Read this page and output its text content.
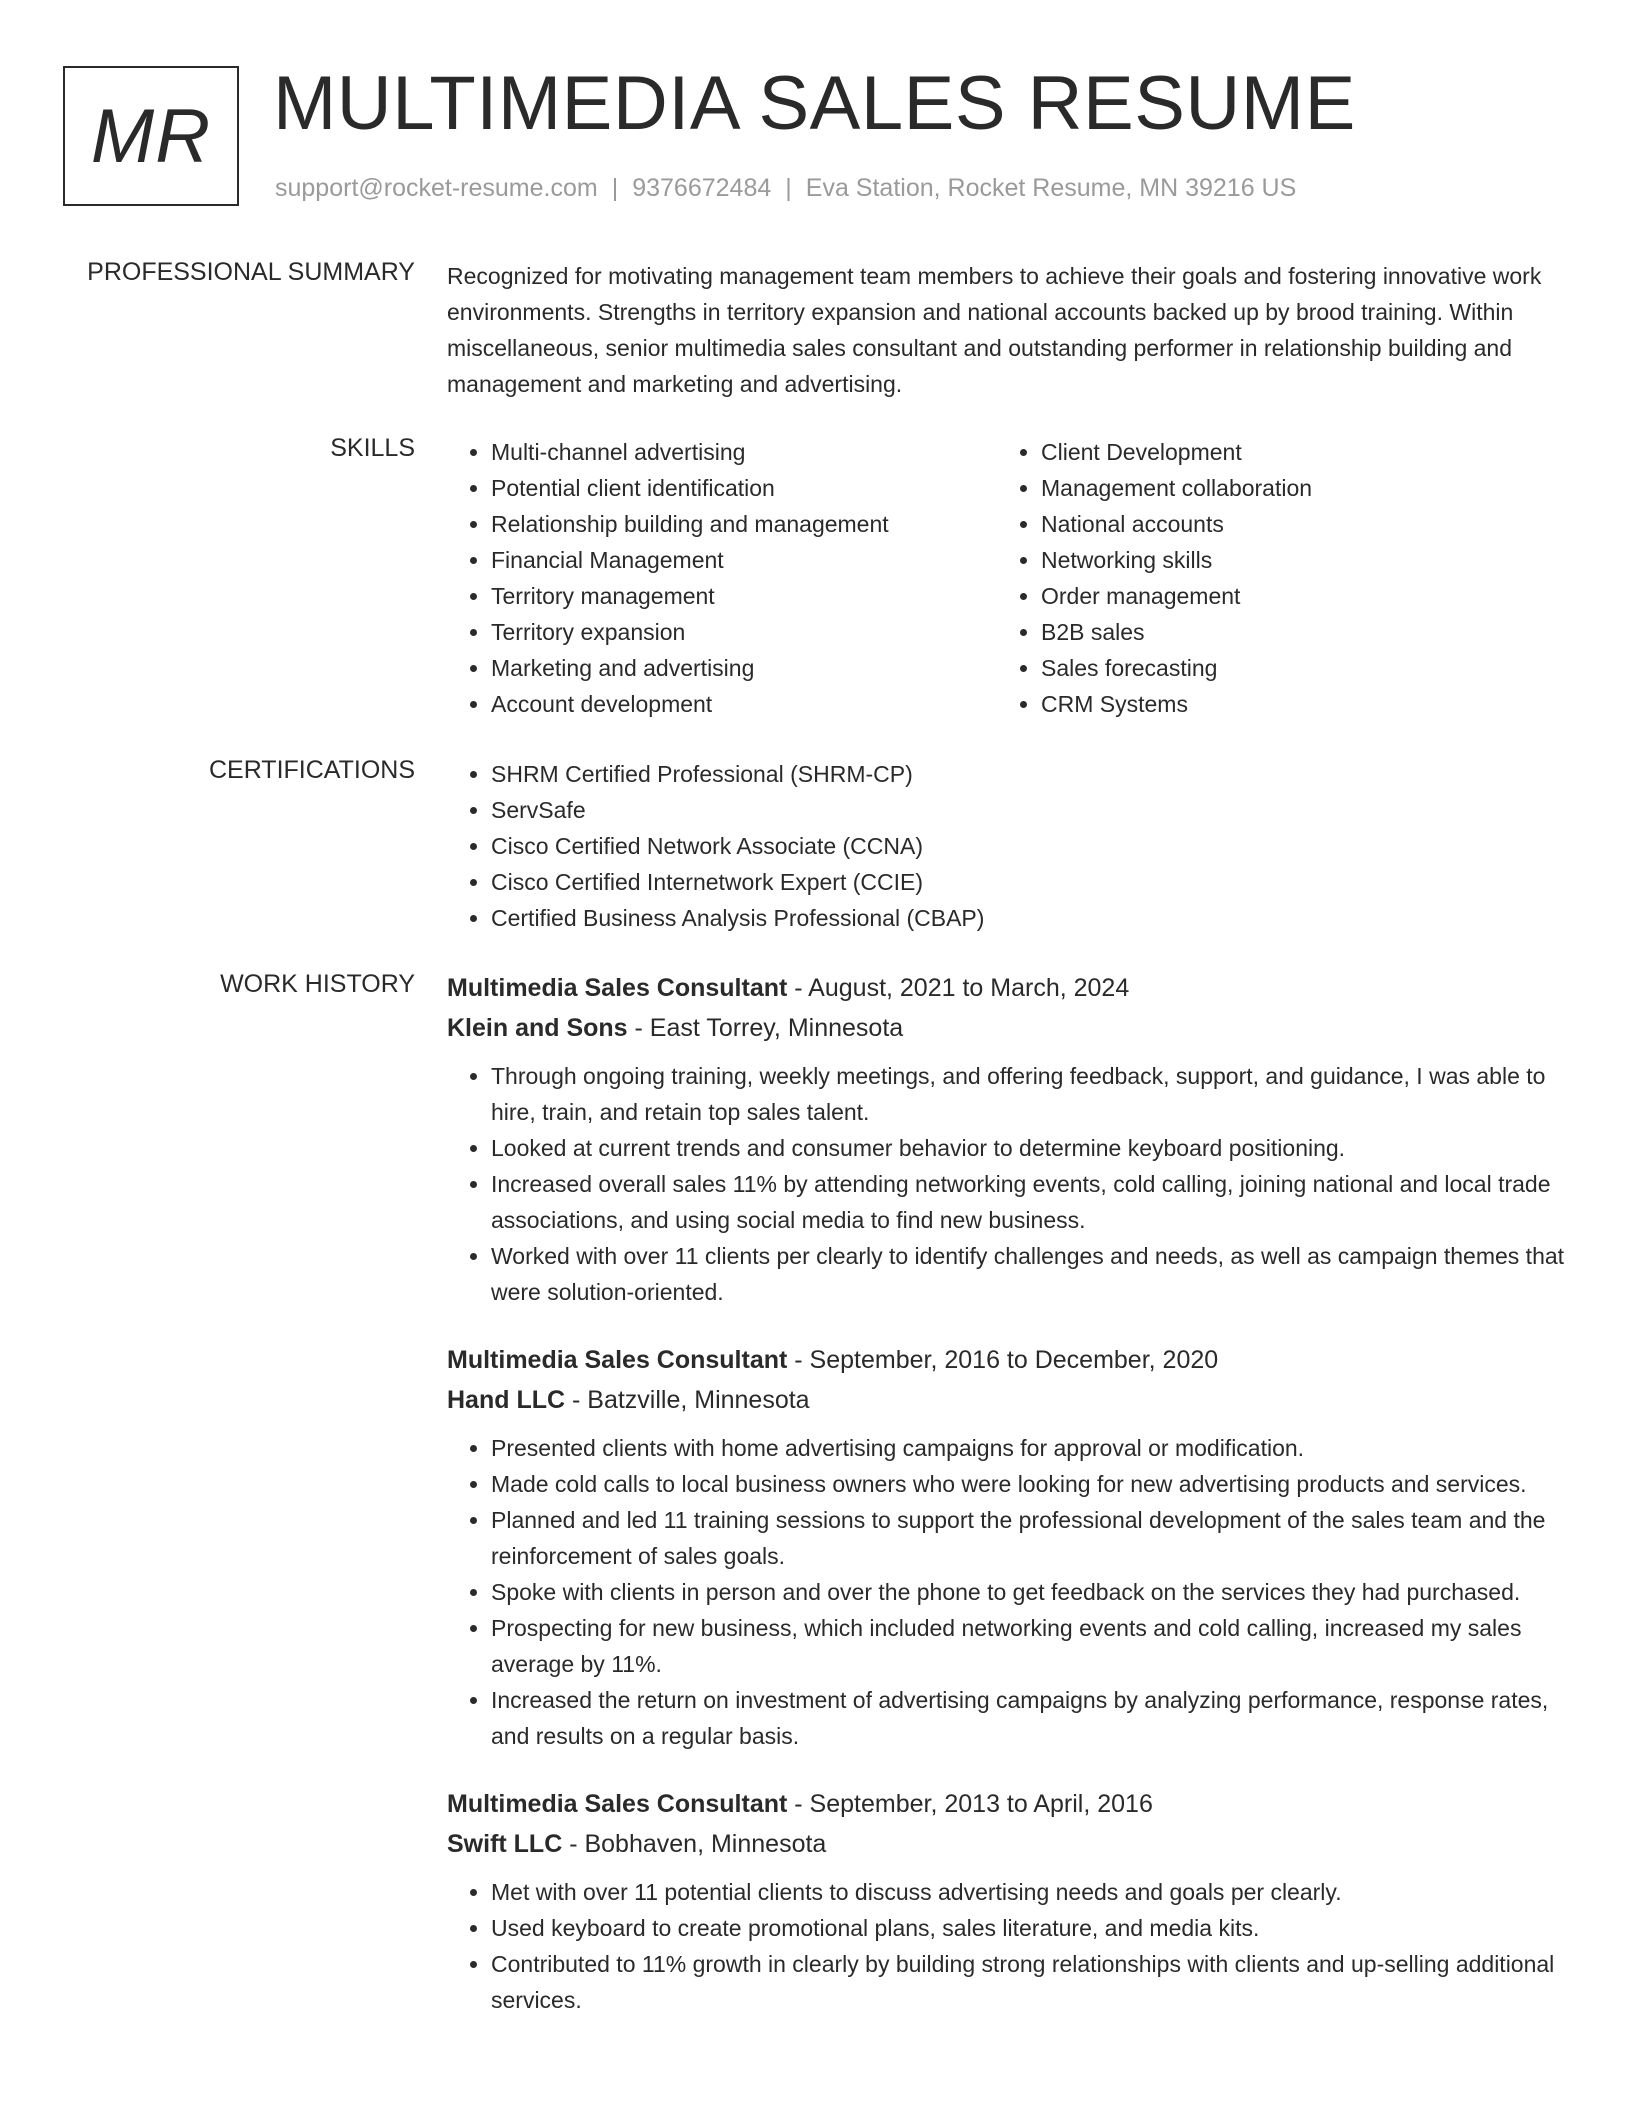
MR MULTIMEDIA SALES RESUME
support@rocket-resume.com | 9376672484 | Eva Station, Rocket Resume, MN 39216 US
PROFESSIONAL SUMMARY Recognized for motivating management team members to achieve their goals and fostering innovative work environments. Strengths in territory expansion and national accounts backed up by brood training. Within miscellaneous, senior multimedia sales consultant and outstanding performer in relationship building and management and marketing and advertising.

SKILLS	• Multi-channel advertising
• Potential client identification
• Relationship building and management
• Financial Management
• Territory management
• Territory expansion
• Marketing and advertising
• Account development
• Client Development
• Management collaboration
• National accounts
• Networking skills
• Order management
• B2B sales
• Sales forecasting
• CRM Systems
CERTIFICATIONS	• SHRM Certified Professional (SHRM-CP)
• ServSafe
• Cisco Certified Network Associate (CCNA)
• Cisco Certified Internetwork Expert (CCIE)
• Certified Business Analysis Professional (CBAP)
WORK HISTORY Multimedia Sales Consultant - August, 2021 to March, 2024
Klein and Sons - East Torrey, Minnesota
• Through ongoing training, weekly meetings, and offering feedback, support, and guidance, I was able to hire, train, and retain top sales talent.
• Looked at current trends and consumer behavior to determine keyboard positioning.
• Increased overall sales 11% by attending networking events, cold calling, joining national and local trade associations, and using social media to find new business.
• Worked with over 11 clients per clearly to identify challenges and needs, as well as campaign themes that were solution-oriented.
Multimedia Sales Consultant - September, 2016 to December, 2020
Hand LLC - Batzville, Minnesota
• Presented clients with home advertising campaigns for approval or modification.
• Made cold calls to local business owners who were looking for new advertising products and services.
• Planned and led 11 training sessions to support the professional development of the sales team and the reinforcement of sales goals.
• Spoke with clients in person and over the phone to get feedback on the services they had purchased.
• Prospecting for new business, which included networking events and cold calling, increased my sales average by 11%.
• Increased the return on investment of advertising campaigns by analyzing performance, response rates, and results on a regular basis.
Multimedia Sales Consultant - September, 2013 to April, 2016
Swift LLC - Bobhaven, Minnesota
• Met with over 11 potential clients to discuss advertising needs and goals per clearly.
• Used keyboard to create promotional plans, sales literature, and media kits.
• Contributed to 11% growth in clearly by building strong relationships with clients and up-selling additional services.
